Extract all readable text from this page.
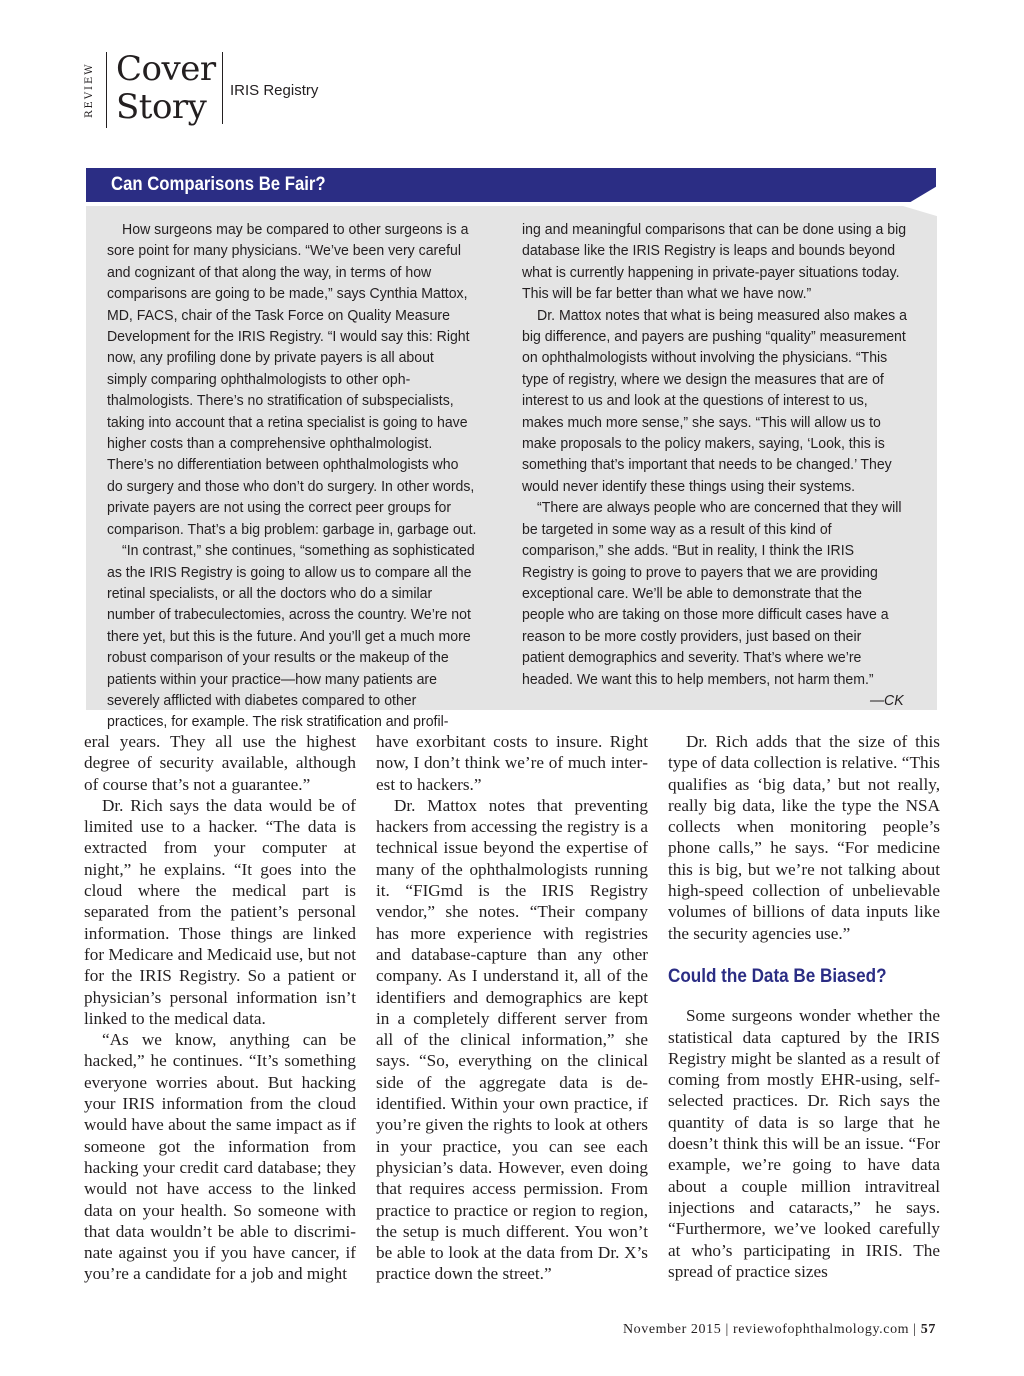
REVIEW Cover
Story	IRIS Registry
Can Comparisons Be Fair?

How surgeons may be compared to other surgeons is a sore point for many physicians. “We’ve been very careful and cognizant of that along the way, in terms of how comparisons are going to be made,” says Cynthia Mattox, MD, FACS, chair of the Task Force on Quality Measure Development for the IRIS Registry. “I would say this: Right now, any profiling done by private payers is all about simply comparing ophthalmologists to other ophthalmologists. There’s no stratification of subspecialists, taking into account that a retina specialist is going to have higher costs than a comprehensive ophthalmologist. There’s no differentiation between ophthalmologists who do surgery and those who don’t do surgery. In other words, private payers are not using the correct peer groups for comparison. That’s a big problem: garbage in, garbage out.

“In contrast,” she continues, “something as sophisticated as the IRIS Registry is going to allow us to compare all the retinal specialists, or all the doctors who do a similar number of trabeculectomies, across the country. We’re not there yet, but this is the future. And you’ll get a much more robust comparison of your results or the makeup of the patients within your practice—how many patients are severely afflicted with diabetes compared to other practices, for example. The risk stratification and profil-

ing and meaningful comparisons that can be done using a big database like the IRIS Registry is leaps and bounds beyond what is currently happening in private-payer situations today. This will be far better than what we have now.”

Dr. Mattox notes that what is being measured also makes a big difference, and payers are pushing “quality” measurement on ophthalmologists without involving the physicians. “This type of registry, where we design the measures that are of interest to us and look at the questions of interest to us, makes much more sense,” she says. “This will allow us to make proposals to the policy makers, saying, ‘Look, this is something that’s important that needs to be changed.’ They would never identify these things using their systems.

“There are always people who are concerned that they will be targeted in some way as a result of this kind of comparison,” she adds. “But in reality, I think the IRIS Registry is going to prove to payers that we are providing exceptional care. We’ll be able to demonstrate that the people who are taking on those more difficult cases have a reason to be more costly providers, just based on their patient demographics and severity. That’s where we’re headed. We want this to help members, not harm them.”

—CK

eral years. They all use the highest degree of security available, although of course that’s not a guarantee.”

Dr. Rich says the data would be of limited use to a hacker. “The data is extracted from your computer at night,” he explains. “It goes into the cloud where the medical part is separated from the patient’s personal information. Those things are linked for Medicare and Medicaid use, but not for the IRIS Registry. So a patient or physician’s personal information isn’t linked to the medical data.

“As we know, anything can be hacked,” he continues. “It’s something everyone worries about. But hacking your IRIS information from the cloud would have about the same impact as if someone got the information from hacking your credit card database; they would not have access to the linked data on your health. So someone with that data wouldn’t be able to discriminate against you if you have cancer, if you’re a candidate for a job and might

have exorbitant costs to insure. Right now, I don’t think we’re of much interest to hackers.”

Dr. Mattox notes that preventing hackers from accessing the registry is a technical issue beyond the expertise of many of the ophthalmologists running it. “FIGmd is the IRIS Registry vendor,” she notes. “Their company has more experience with registries and database-capture than any other company. As I understand it, all of the identifiers and demographics are kept in a completely different server from all of the clinical information,” she says. “So, everything on the clinical side of the aggregate data is de-identified. Within your own practice, if you’re given the rights to look at others in your practice, you can see each physician’s data. However, even doing that requires access permission. From practice to practice or region to region, the setup is much different. You won’t be able to look at the data from Dr. X’s practice down the street.”

Dr. Rich adds that the size of this type of data collection is relative. “This qualifies as ‘big data,’ but not really, really big data, like the type the NSA collects when monitoring people’s phone calls,” he says. “For medicine this is big, but we’re not talking about high-speed collection of unbelievable volumes of billions of data inputs like the security agencies use.”

Could the Data Be Biased?

Some surgeons wonder whether the statistical data captured by the IRIS Registry might be slanted as a result of coming from mostly EHR-using, self-selected practices. Dr. Rich says the quantity of data is so large that he doesn’t think this will be an issue. “For example, we’re going to have data about a couple million intravitreal injections and cataracts,” he says. “Furthermore, we’ve looked carefully at who’s participating in IRIS. The spread of practice sizes

November 2015 | reviewofophthalmology.com | 57
